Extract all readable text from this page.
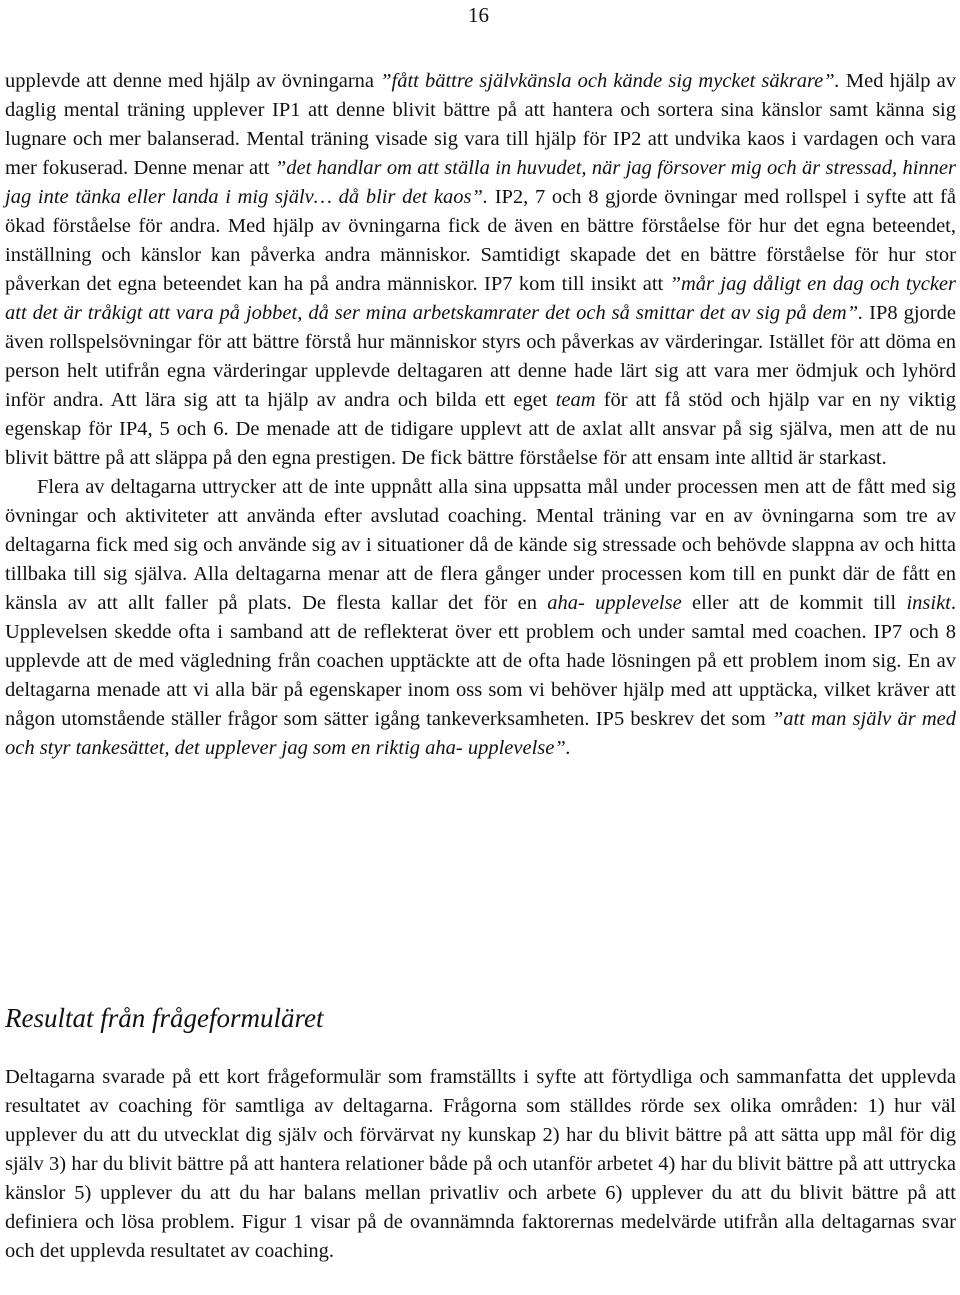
16

upplevde att denne med hjälp av övningarna ”fått bättre självkänsla och kände sig mycket säkrare”. Med hjälp av daglig mental träning upplever IP1 att denne blivit bättre på att hantera och sortera sina känslor samt känna sig lugnare och mer balanserad. Mental träning visade sig vara till hjälp för IP2 att undvika kaos i vardagen och vara mer fokuserad. Denne menar att ”det handlar om att ställa in huvudet, när jag försover mig och är stressad, hinner jag inte tänka eller landa i mig själv… då blir det kaos”. IP2, 7 och 8 gjorde övningar med rollspel i syfte att få ökad förståelse för andra. Med hjälp av övningarna fick de även en bättre förståelse för hur det egna beteendet, inställning och känslor kan påverka andra människor. Samtidigt skapade det en bättre förståelse för hur stor påverkan det egna beteendet kan ha på andra människor. IP7 kom till insikt att ”mår jag dåligt en dag och tycker att det är tråkigt att vara på jobbet, då ser mina arbetskamrater det och så smittar det av sig på dem”. IP8 gjorde även rollspelsövningar för att bättre förstå hur människor styrs och påverkas av värderingar. Istället för att döma en person helt utifrån egna värderingar upplevde deltagaren att denne hade lärt sig att vara mer ödmjuk och lyhörd inför andra. Att lära sig att ta hjälp av andra och bilda ett eget team för att få stöd och hjälp var en ny viktig egenskap för IP4, 5 och 6. De menade att de tidigare upplevt att de axlat allt ansvar på sig själva, men att de nu blivit bättre på att släppa på den egna prestigen. De fick bättre förståelse för att ensam inte alltid är starkast.

Flera av deltagarna uttrycker att de inte uppnått alla sina uppsatta mål under processen men att de fått med sig övningar och aktiviteter att använda efter avslutad coaching. Mental träning var en av övningarna som tre av deltagarna fick med sig och använde sig av i situationer då de kände sig stressade och behövde slappna av och hitta tillbaka till sig själva. Alla deltagarna menar att de flera gånger under processen kom till en punkt där de fått en känsla av att allt faller på plats. De flesta kallar det för en aha- upplevelse eller att de kommit till insikt. Upplevelsen skedde ofta i samband att de reflekterat över ett problem och under samtal med coachen. IP7 och 8 upplevde att de med vägledning från coachen upptäckte att de ofta hade lösningen på ett problem inom sig. En av deltagarna menade att vi alla bär på egenskaper inom oss som vi behöver hjälp med att upptäcka, vilket kräver att någon utomstående ställer frågor som sätter igång tankeverksamheten. IP5 beskrev det som ”att man själv är med och styr tankesättet, det upplever jag som en riktig aha- upplevelse”.

Resultat från frågeformuläret

Deltagarna svarade på ett kort frågeformulär som framställts i syfte att förtydliga och sammanfatta det upplevda resultatet av coaching för samtliga av deltagarna. Frågorna som ställdes rörde sex olika områden: 1) hur väl upplever du att du utvecklat dig själv och förvärvat ny kunskap 2) har du blivit bättre på att sätta upp mål för dig själv 3) har du blivit bättre på att hantera relationer både på och utanför arbetet 4) har du blivit bättre på att uttrycka känslor 5) upplever du att du har balans mellan privatliv och arbete 6) upplever du att du blivit bättre på att definiera och lösa problem. Figur 1 visar på de ovannämnda faktorernas medelvärde utifrån alla deltagarnas svar och det upplevda resultatet av coaching.
